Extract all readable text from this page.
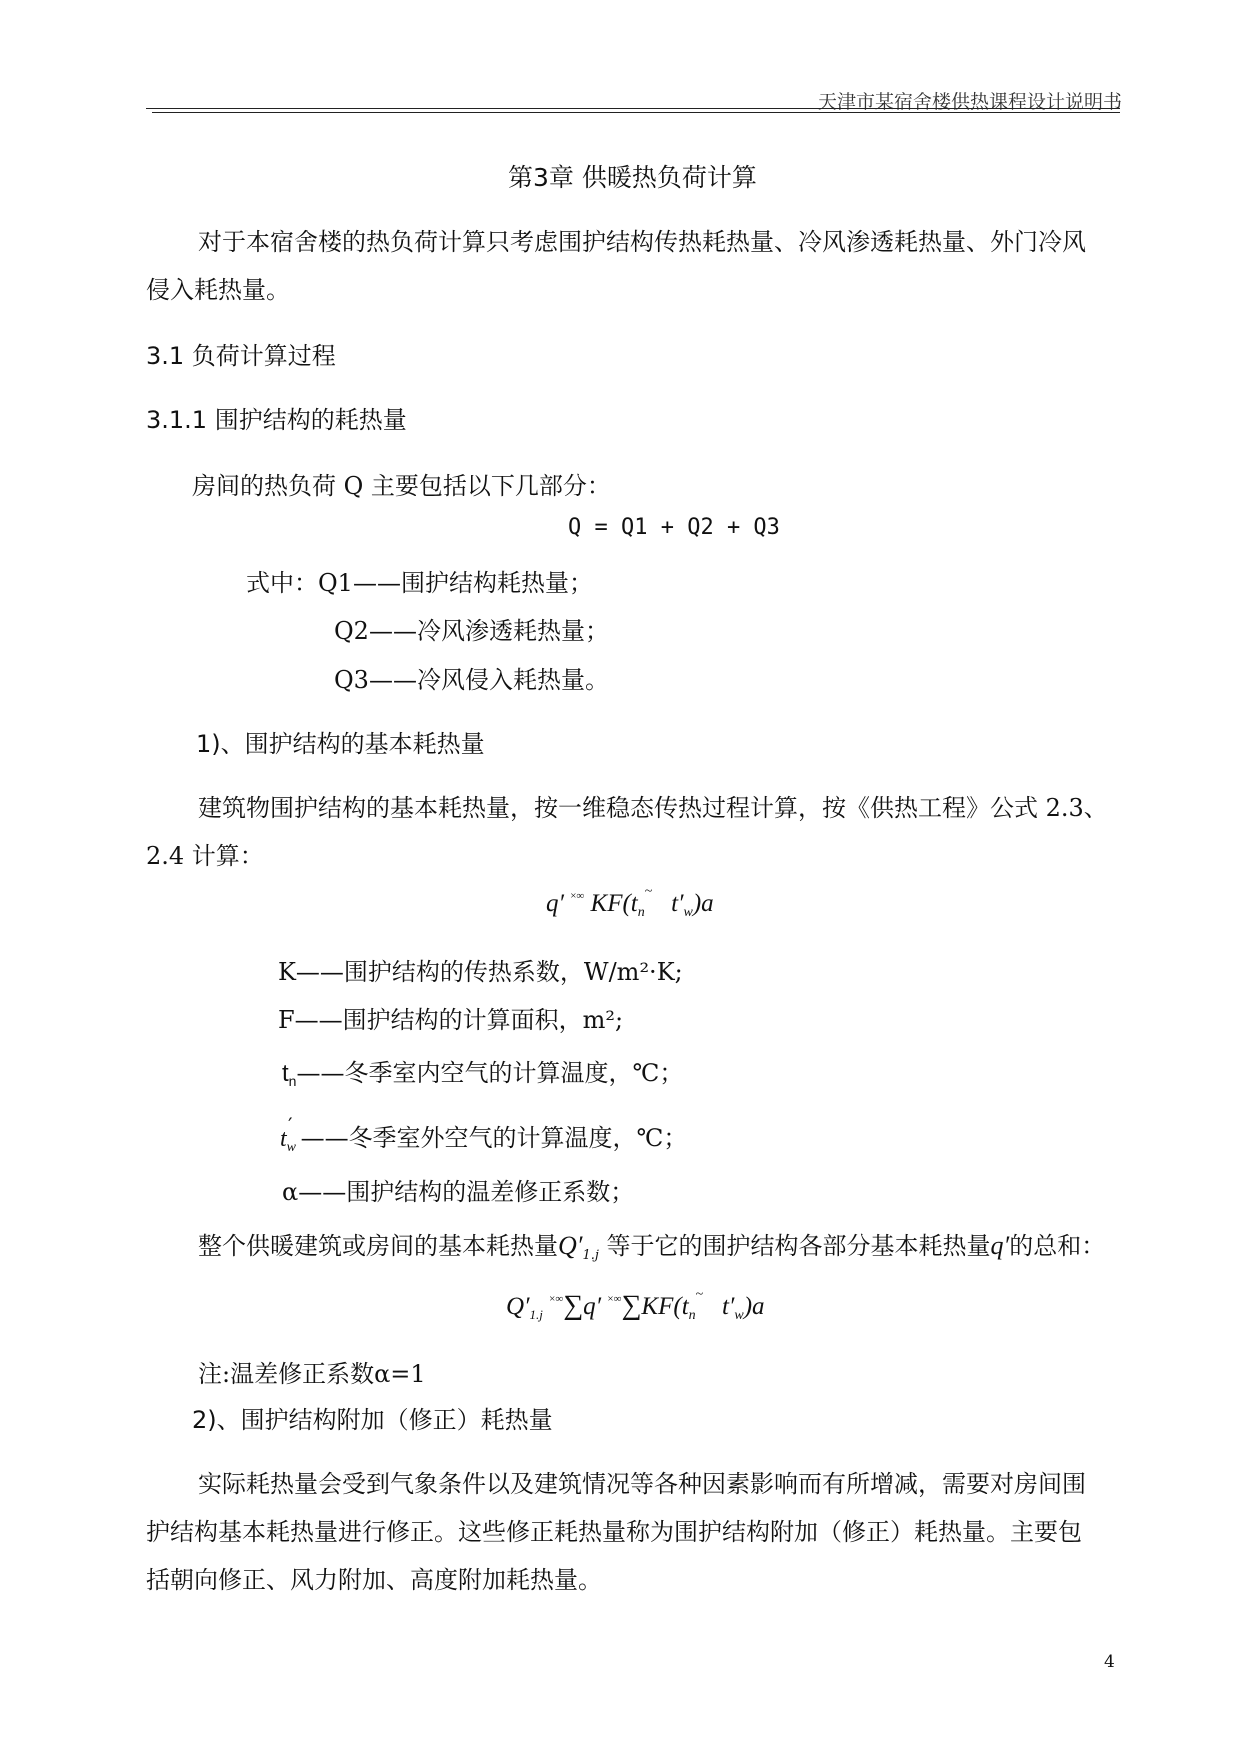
天津市某宿舍楼供热课程设计说明书
第3章 供暖热负荷计算
对于本宿舍楼的热负荷计算只考虑围护结构传热耗热量、冷风渗透耗热量、外门冷风
侵入耗热量。
3.1 负荷计算过程
3.1.1 围护结构的耗热量
房间的热负荷 Q 主要包括以下几部分：
Q = Q1 + Q2 + Q3
式中：Q1——围护结构耗热量；
Q2——冷风渗透耗热量；
Q3——冷风侵入耗热量。
1)、围护结构的基本耗热量
建筑物围护结构的基本耗热量，按一维稳态传热过程计算，按《供热工程》公式 2.3、
2.4 计算：
q′ ×∞ $KF(t_n^\sim$ $t'_w)a$
K——围护结构的传热系数，W/m²·K;
F——围护结构的计算面积，m²;
$t_n——$冬季室内空气的计算温度，℃；
$t_w'$ ——冬季室外空气的计算温度，℃；
α——围护结构的温差修正系数；
整个供暖建筑或房间的基本耗热量$Q'_{1.j}$ 等于它的围护结构各部分基本耗热量q′的总和：
$Q'_{1.j}$ ×∞∑q′ $^{\times\infty}\sum KF(t_n^\sim$ $t'_w)a$
注:温差修正系数α=1
2)、围护结构附加（修正）耗热量
实际耗热量会受到气象条件以及建筑情况等各种因素影响而有所增减，需要对房间围
护结构基本耗热量进行修正。这些修正耗热量称为围护结构附加（修正）耗热量。主要包
括朝向修正、风力附加、高度附加耗热量。
4
